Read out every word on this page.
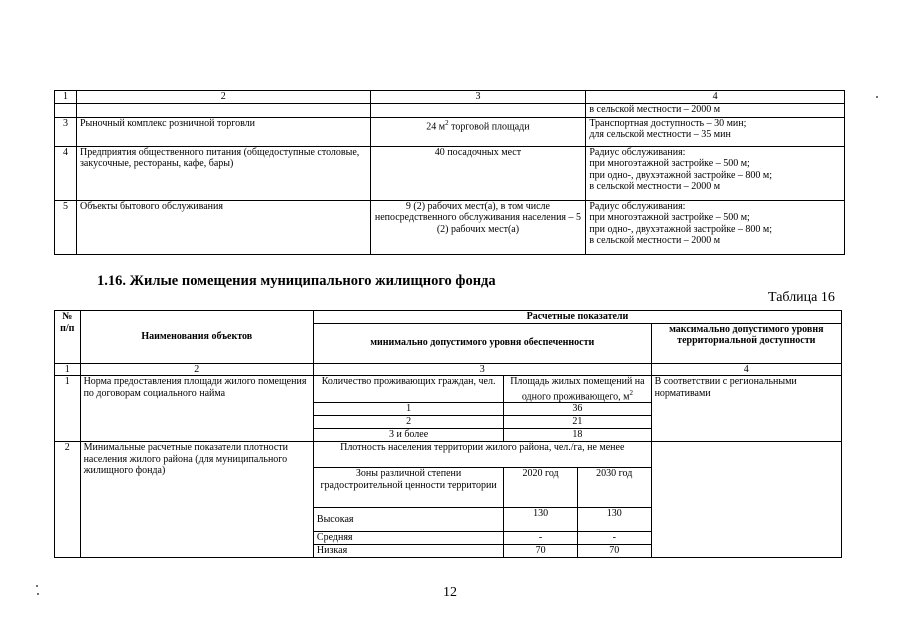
1	2	3	4

			в сельской местности – 2000 м

3	Рыночный комплекс розничной торговли	24 $м^2$ торговой площади	Транспортная доступность – 30 мин;
для сельской местности – 35 мин

4	Предприятия общественного питания (общедоступные столовые, закусочные, рестораны, кафе, бары)	40 посадочных мест	Радиус обслуживания:
при многоэтажной застройке – 500 м;
при одно-, двухэтажной застройке – 800 м;
в сельской местности – 2000 м

5	Объекты бытового обслуживания	9 (2) рабочих мест(а), в том числе непосредственного обслуживания населения – 5 (2) рабочих мест(а)	Радиус обслуживания:
при многоэтажной застройке – 500 м;
при одно-, двухэтажной застройке – 800 м;
в сельской местности – 2000 м
1.16. Жилые помещения муниципального жилищного фонда
Таблица 16
№ п/п	Наименования объектов	Расчетные показатели			
		минимально допустимого уровня обеспеченности			максимально допустимого уровня территориальной доступности
1	2	3			4
1	Норма предоставления площади жилого помещения по договорам социального найма	Количество проживающих граждан, чел.	Площадь жилых помещений на одного проживающего, $м^2$		В соответствии с региональными нормативами
		1	36		
		2	21		
		3 и более	18		
2	Минимальные расчетные показатели плотности населения жилого района (для муниципального жилищного фонда)	Плотность населения территории жилого района, чел./га, не менее			
		Зоны различной степени градостроительной ценности территории	2020 год	2030 год	
		Высокая	130	130	
		Средняя	-	-	
		Низкая	70	70	
12
